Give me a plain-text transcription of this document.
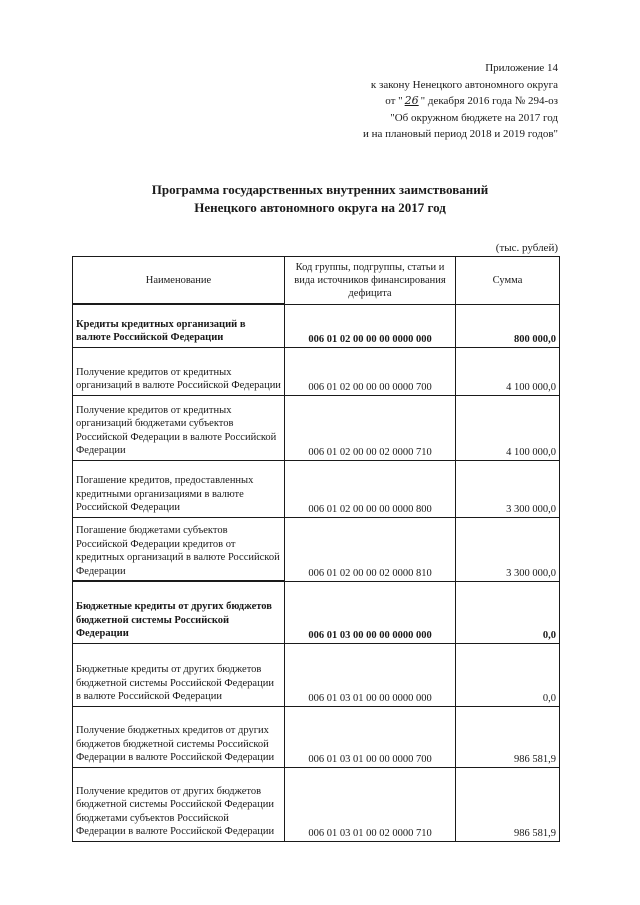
Приложение 14
к закону Ненецкого автономного округа
от " 26 " декабря 2016 года № 294-оз
"Об окружном бюджете на 2017 год
и на плановый период 2018 и 2019 годов"
Программа государственных внутренних заимствований
Ненецкого автономного округа на 2017 год
(тыс. рублей)
Наименование	Код группы, подгруппы, статьи и вида источников финансирования дефицита	Сумма
Кредиты кредитных организаций в валюте Российской Федерации	006 01 02 00 00 00 0000 000	800 000,0
Получение кредитов от кредитных организаций в валюте Российской Федерации	006 01 02 00 00 00 0000 700	4 100 000,0
Получение кредитов от кредитных организаций бюджетами субъектов Российской Федерации в валюте Российской Федерации	006 01 02 00 00 02 0000 710	4 100 000,0
Погашение кредитов, предоставленных кредитными организациями в валюте Российской Федерации	006 01 02 00 00 00 0000 800	3 300 000,0
Погашение бюджетами субъектов Российской Федерации кредитов от кредитных организаций в валюте Российской Федерации	006 01 02 00 00 02 0000 810	3 300 000,0
Бюджетные кредиты от других бюджетов бюджетной системы Российской Федерации	006 01 03 00 00 00 0000 000	0,0
Бюджетные кредиты от других бюджетов бюджетной системы Российской Федерации в валюте Российской Федерации	006 01 03 01 00 00 0000 000	0,0
Получение бюджетных кредитов от других бюджетов бюджетной системы Российской Федерации в валюте Российской Федерации	006 01 03 01 00 00 0000 700	986 581,9
Получение кредитов от других бюджетов бюджетной системы Российской Федерации бюджетами субъектов Российской Федерации в валюте Российской Федерации	006 01 03 01 00 02 0000 710	986 581,9
